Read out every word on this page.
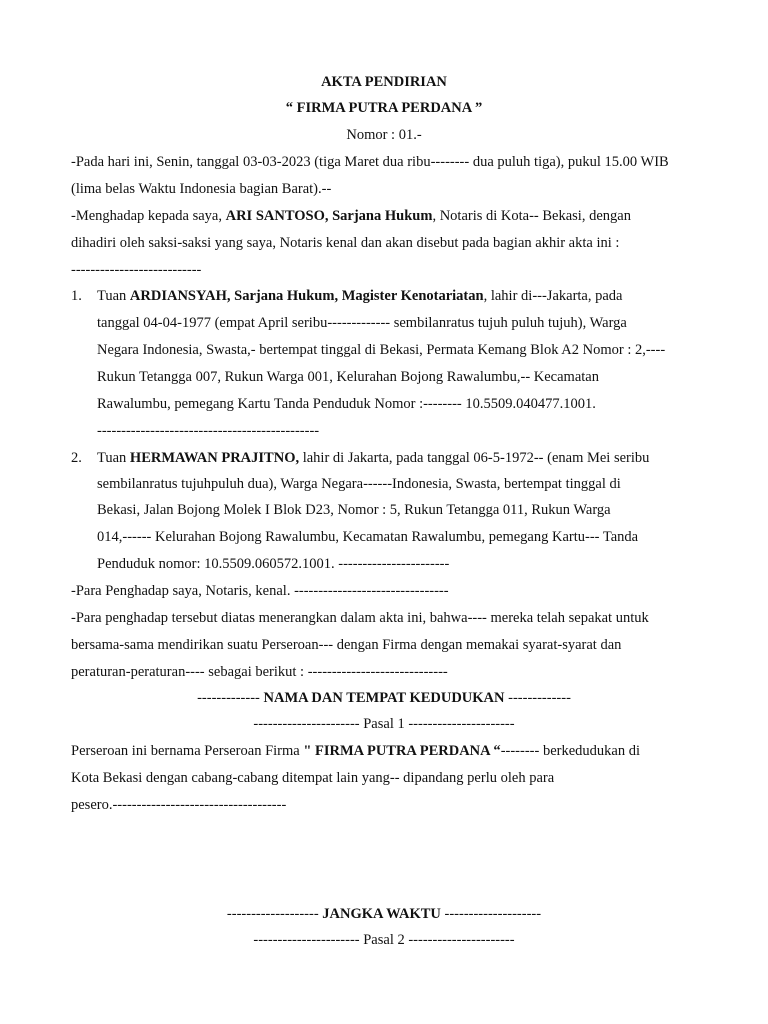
AKTA PENDIRIAN
“ FIRMA PUTRA PERDANA ”
Nomor : 01.-
-Pada hari ini, Senin, tanggal 03-03-2023 (tiga Maret dua ribu-------- dua puluh tiga), pukul 15.00 WIB
(lima belas Waktu Indonesia bagian Barat).--
-Menghadap kepada saya, ARI SANTOSO, Sarjana Hukum, Notaris di Kota-- Bekasi, dengan
dihadiri oleh saksi-saksi yang saya, Notaris kenal dan akan disebut pada bagian akhir akta ini :
---------------------------
1. Tuan ARDIANSYAH, Sarjana Hukum, Magister Kenotariatan, lahir di---Jakarta, pada
tanggal 04-04-1977 (empat April seribu------------- sembilanratus tujuh puluh tujuh), Warga
Negara Indonesia, Swasta,- bertempat tinggal di Bekasi, Permata Kemang Blok A2 Nomor : 2,----
Rukun Tetangga 007, Rukun Warga 001, Kelurahan Bojong Rawalumbu,-- Kecamatan
Rawalumbu, pemegang Kartu Tanda Penduduk Nomor :-------- 10.5509.040477.1001.
----------------------------------------------
2. Tuan HERMAWAN PRAJITNO, lahir di Jakarta, pada tanggal 06-5-1972-- (enam Mei seribu
sembilanratus tujuhpuluh dua), Warga Negara------Indonesia, Swasta, bertempat tinggal di
Bekasi, Jalan Bojong Molek I Blok D23, Nomor : 5, Rukun Tetangga 011, Rukun Warga
014,------ Kelurahan Bojong Rawalumbu, Kecamatan Rawalumbu, pemegang Kartu--- Tanda
Penduduk nomor: 10.5509.060572.1001. -----------------------
-Para Penghadap saya, Notaris, kenal. --------------------------------
-Para penghadap tersebut diatas menerangkan dalam akta ini, bahwa---- mereka telah sepakat untuk
bersama-sama mendirikan suatu Perseroan--- dengan Firma dengan memakai syarat-syarat dan
peraturan-peraturan---- sebagai berikut : -----------------------------
------------- NAMA DAN TEMPAT KEDUDUKAN -------------
---------------------- Pasal 1 ----------------------
Perseroan ini bernama Perseroan Firma " FIRMA PUTRA PERDANA “-------- berkedudukan di
Kota Bekasi dengan cabang-cabang ditempat lain yang-- dipandang perlu oleh para
pesero.------------------------------------
------------------- JANGKA WAKTU --------------------
---------------------- Pasal 2 ----------------------
